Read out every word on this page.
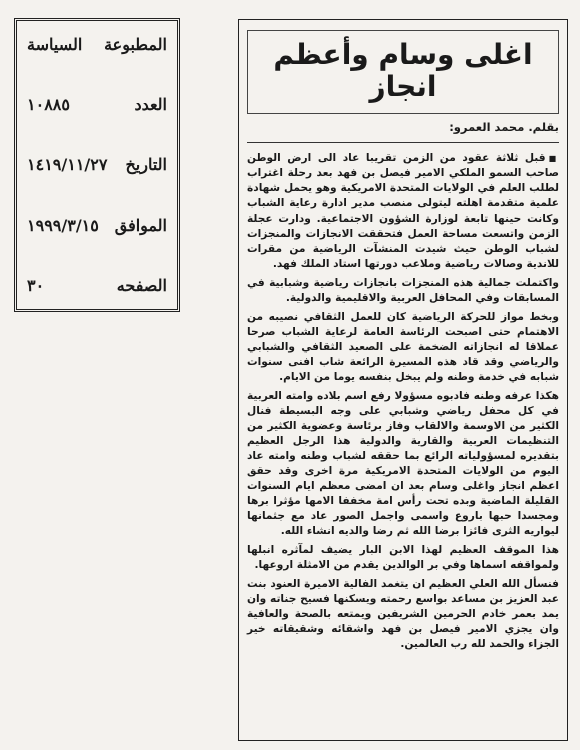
المطبوعة
السياسة
العدد
١٠٨٨٥
التاريخ
١٤١٩/١١/٢٧
الموافق
١٩٩٩/٣/١٥
الصفحه
٣٠
اغلى وسام وأعظم انجاز
بقلم. محمد العمرو:

■قبل ثلاثة عقود من الزمن تقريبا عاد الى ارض الوطن صاحب السمو الملكي الامير فيصل بن فهد بعد رحلة اغتراب لطلب العلم في الولايات المتحدة الامريكية وهو يحمل شهادة علمية متقدمة اهلته ليتولى منصب مدير ادارة رعاية الشباب وكانت حينها تابعة لوزارة الشؤون الاجتماعية. ودارت عجلة الزمن واتسعت مساحة العمل فتحققت الانجازات والمنجزات لشباب الوطن حيث شيدت المنشآت الرياضية من مقرات للاندية وصالات رياضية وملاعب دورتها استاد الملك فهد.

واكتملت جمالية هذه المنجزات بانجازات رياضية وشبابية في المسابقات وفي المحافل العربية والاقليمية والدولية.

وبخط مواز للحركة الرياضية كان للعمل الثقافي نصيبه من الاهتمام حتى اصبحت الرئاسة العامة لرعاية الشباب صرحا عملاقا له انجازاته الضخمة على الصعيد الثقافي والشبابي والرياضي وقد قاد هذه المسيرة الرائعة شاب افنى سنوات شبابه في خدمة وطنه ولم يبخل بنفسه يوما من الايام.

هكذا عرفه وطنه فادبوه مسؤولا رفع اسم بلاده وامته العربية في كل محفل رياضي وشبابي على وجه البسيطة فنال الكثير من الاوسمة والالقاب وفاز برئاسة وعضوية الكثير من التنظيمات العربية والقارية والدولية هذا الرجل العظيم بتقديره لمسؤولياته الرائع بما حققه لشباب وطنه وامته عاد اليوم من الولايات المتحدة الامريكية مرة اخرى وقد حقق اعظم انجاز واغلى وسام بعد ان امضى معظم ايام السنوات القليلة الماضية وبده تحت رأس امة مخففا الامها مؤثرا برها ومجسدا حبها باروع واسمى واجمل الصور عاد مع جثمانها ليواريه الثرى فائزا برضا الله ثم رضا والديه انشاء الله.

هذا الموقف العظيم لهذا الابن البار يضيف لمآثره انبلها ولمواقفه اسماها وفي بر الوالدين يقدم من الامثلة اروعها.

فنسأل الله العلي العظيم ان يتغمد الفالية الاميرة العنود بنت عبد العزيز بن مساعد بواسع رحمته ويسكنها فسيح جناته وان يمد بعمر خادم الحرمين الشريفين ويمتعه بالصحة والعافية وان يجزي الامير فيصل بن فهد واشقائه وشقيقاته خير الجزاء والحمد لله رب العالمين.
